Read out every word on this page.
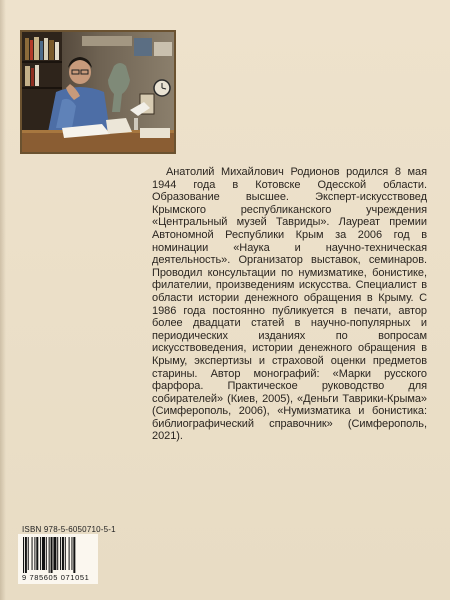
Анатолий Михайлович Родионов родился 8 мая 1944 года в Котовске Одесской области. Образование высшее. Эксперт-искусствовед Крымского республиканского учреждения «Центральный музей Тавриды». Лауреат премии Автономной Республики Крым за 2006 год в номинации «Наука и научно-техническая деятельность». Организатор выставок, семинаров. Проводил консультации по нумизматике, бонистике, филателии, произведениям искусства. Специалист в области истории денежного обращения в Крыму. С 1986 года постоянно публикуется в печати, автор более двадцати статей в научно-популярных и периодических изданиях по вопросам искусствоведения, истории денежного обращения в Крыму, экспертизы и страховой оценки предметов старины. Автор монографий: «Марки русского фарфора. Практическое руководство для собирателей» (Киев, 2005), «Деньги Таврики-Крыма» (Симферополь, 2006), «Нумизматика и бонистика: библиографический справочник» (Симферополь, 2021).

ISBN 978-5-6050710-5-1
9 785605 071051
